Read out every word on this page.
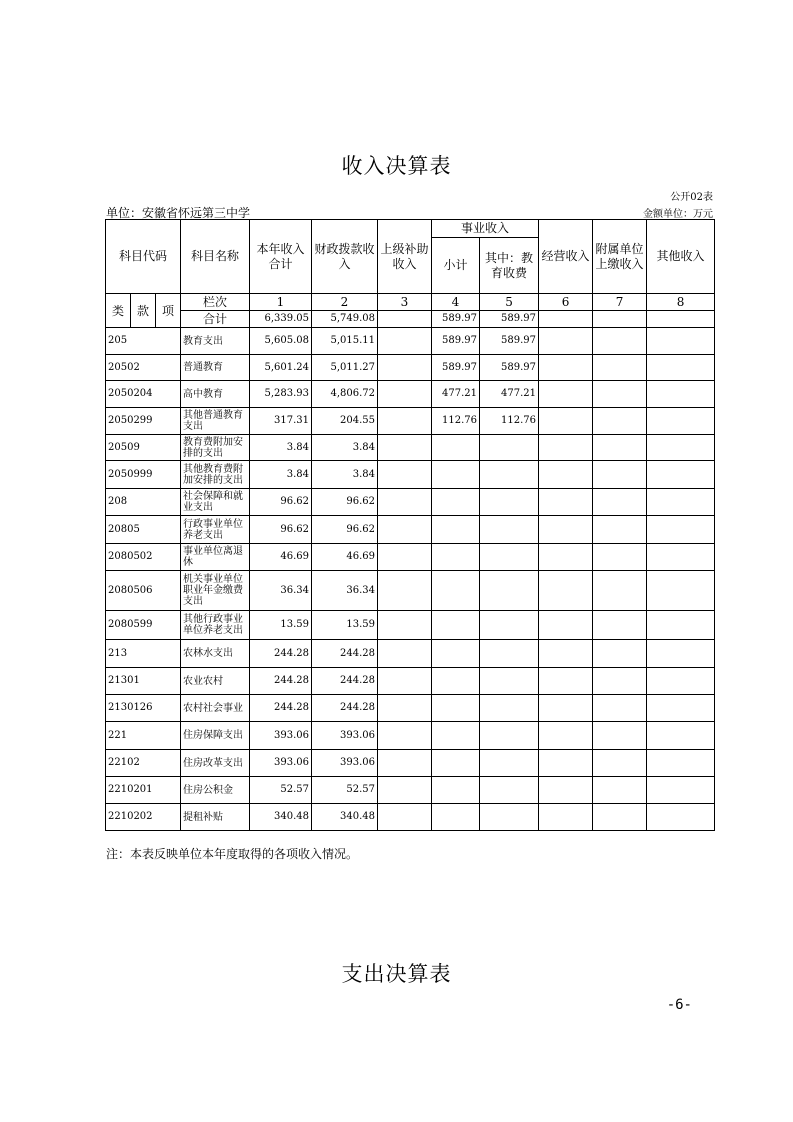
收入决算表
公开02表
单位：安徽省怀远第三中学	金额单位：万元
科目代码			科目名称	本年收入合计	财政拨款收入	上级补助收入	事业收入		经营收入	附属单位上缴收入	其他收入
							小计	其中：教育收费			
类	款	项	栏次	1	2	3	4	5	6	7	8
			合计	6,339.05	5,749.08		589.97	589.97			
205			教育支出	5,605.08	5,015.11		589.97	589.97			
20502			普通教育	5,601.24	5,011.27		589.97	589.97			
2050204			高中教育	5,283.93	4,806.72		477.21	477.21			
2050299			其他普通教育支出	317.31	204.55		112.76	112.76			
20509			教育费附加安排的支出	3.84	3.84						
2050999			其他教育费附加安排的支出	3.84	3.84						
208			社会保障和就业支出	96.62	96.62						
20805			行政事业单位养老支出	96.62	96.62						
2080502			事业单位离退休	46.69	46.69						
2080506			机关事业单位职业年金缴费支出	36.34	36.34						
2080599			其他行政事业单位养老支出	13.59	13.59						
213			农林水支出	244.28	244.28						
21301			农业农村	244.28	244.28						
2130126			农村社会事业	244.28	244.28						
221			住房保障支出	393.06	393.06						
22102			住房改革支出	393.06	393.06						
2210201			住房公积金	52.57	52.57						
2210202			提租补贴	340.48	340.48						
注：本表反映单位本年度取得的各项收入情况。
支出决算表
-6-
